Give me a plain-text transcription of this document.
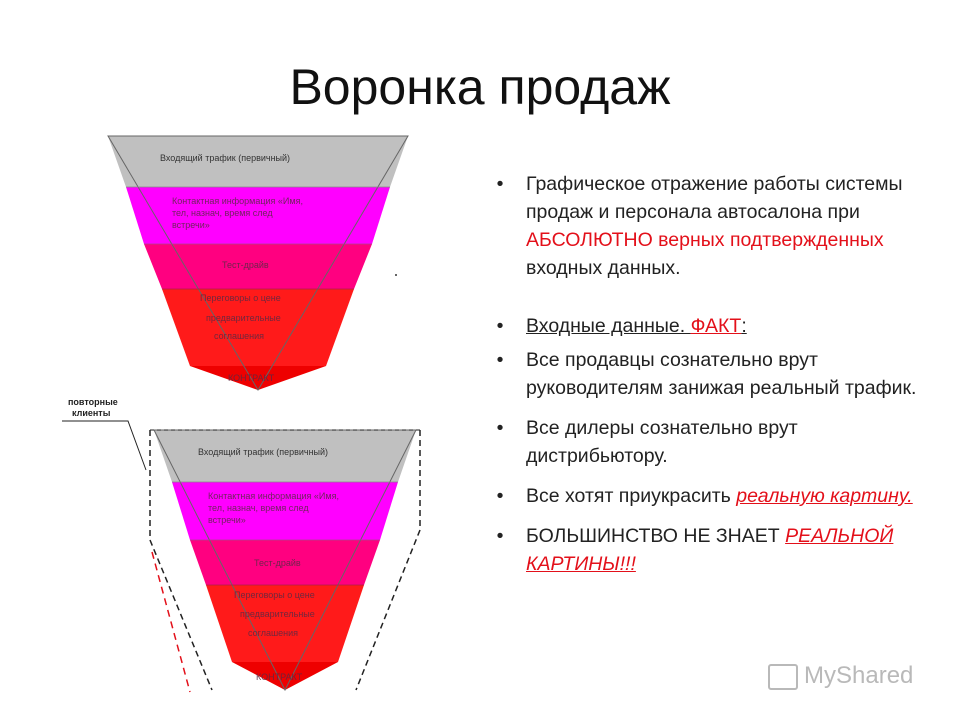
Воронка продаж
Входящий трафик (первичный)
Контактная информация «Имя,
тел, назнач, время след
встречи»
Тест-драйв
Переговоры о цене
предварительные
соглашения
КОНТРАКТ
Входящий трафик (первичный)
Контактная информация «Имя,
тел, назнач, время след
встречи»
Тест-драйв
Переговоры о цене
предварительные
соглашения
КОНТРАКТ
повторные
клиенты
•	Графическое отражение работы системы продаж и персонала автосалона при АБСОЛЮТНО верных подтвержденных входных данных.
•	Входные данные. ФАКТ:
•	Все продавцы сознательно врут руководителям занижая реальный трафик.
•	Все дилеры сознательно врут дистрибьютору.
•	Все хотят приукрасить реальную картину.
•	БОЛЬШИНСТВО НЕ ЗНАЕТ РЕАЛЬНОЙ КАРТИНЫ!!!
MyShared
